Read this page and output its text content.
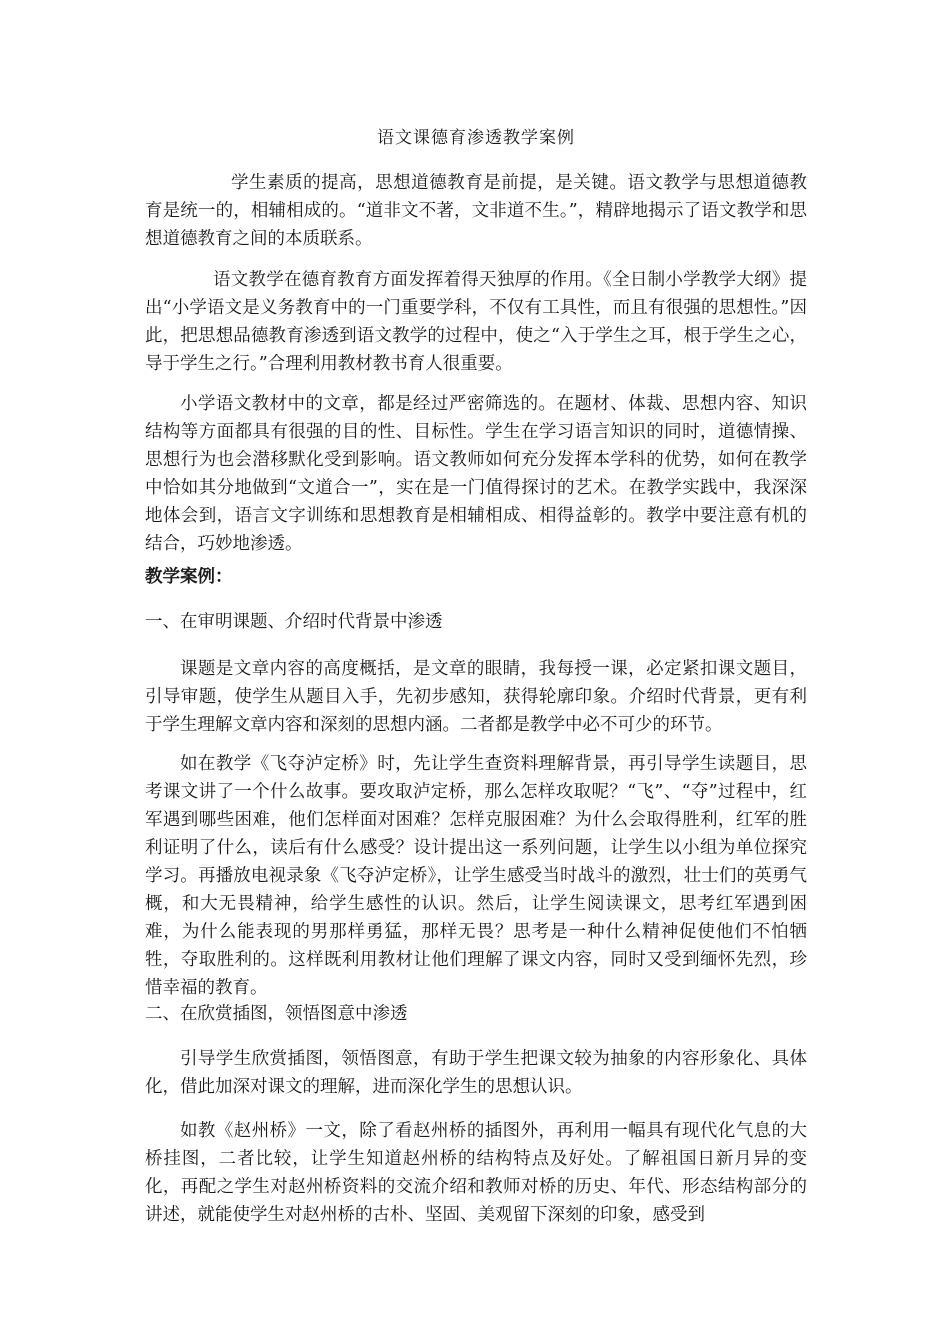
语文课德育渗透教学案例

学生素质的提高，思想道德教育是前提，是关键。语文教学与思想道德教育是统一的，相辅相成的。“道非文不著，文非道不生。”，精辟地揭示了语文教学和思想道德教育之间的本质联系。

语文教学在德育教育方面发挥着得天独厚的作用。《全日制小学教学大纲》提出“小学语文是义务教育中的一门重要学科，不仅有工具性，而且有很强的思想性。”因此，把思想品德教育渗透到语文教学的过程中，使之“入于学生之耳，根于学生之心，导于学生之行。”合理利用教材教书育人很重要。

小学语文教材中的文章，都是经过严密筛选的。在题材、体裁、思想内容、知识结构等方面都具有很强的目的性、目标性。学生在学习语言知识的同时，道德情操、思想行为也会潜移默化受到影响。语文教师如何充分发挥本学科的优势，如何在教学中恰如其分地做到“文道合一”，实在是一门值得探讨的艺术。在教学实践中，我深深地体会到，语言文字训练和思想教育是相辅相成、相得益彰的。教学中要注意有机的结合，巧妙地渗透。

教学案例：
一、在审明课题、介绍时代背景中渗透

课题是文章内容的高度概括，是文章的眼睛，我每授一课，必定紧扣课文题目，引导审题，使学生从题目入手，先初步感知，获得轮廓印象。介绍时代背景，更有利于学生理解文章内容和深刻的思想内涵。二者都是教学中必不可少的环节。

如在教学《飞夺泸定桥》时，先让学生查资料理解背景，再引导学生读题目，思考课文讲了一个什么故事。要攻取泸定桥，那么怎样攻取呢？“飞”、“夺”过程中，红军遇到哪些困难，他们怎样面对困难？怎样克服困难？为什么会取得胜利，红军的胜利证明了什么，读后有什么感受？设计提出这一系列问题，让学生以小组为单位探究学习。再播放电视录象《飞夺泸定桥》，让学生感受当时战斗的激烈，壮士们的英勇气概，和大无畏精神，给学生感性的认识。然后，让学生阅读课文，思考红军遇到困难，为什么能表现的男那样勇猛，那样无畏？思考是一种什么精神促使他们不怕牺牲，夺取胜利的。这样既利用教材让他们理解了课文内容，同时又受到缅怀先烈，珍惜幸福的教育。

二、在欣赏插图，领悟图意中渗透

引导学生欣赏插图，领悟图意，有助于学生把课文较为抽象的内容形象化、具体化，借此加深对课文的理解，进而深化学生的思想认识。

如教《赵州桥》一文，除了看赵州桥的插图外，再利用一幅具有现代化气息的大桥挂图，二者比较，让学生知道赵州桥的结构特点及好处。了解祖国日新月异的变化，再配之学生对赵州桥资料的交流介绍和教师对桥的历史、年代、形态结构部分的讲述，就能使学生对赵州桥的古朴、坚固、美观留下深刻的印象，感受到
